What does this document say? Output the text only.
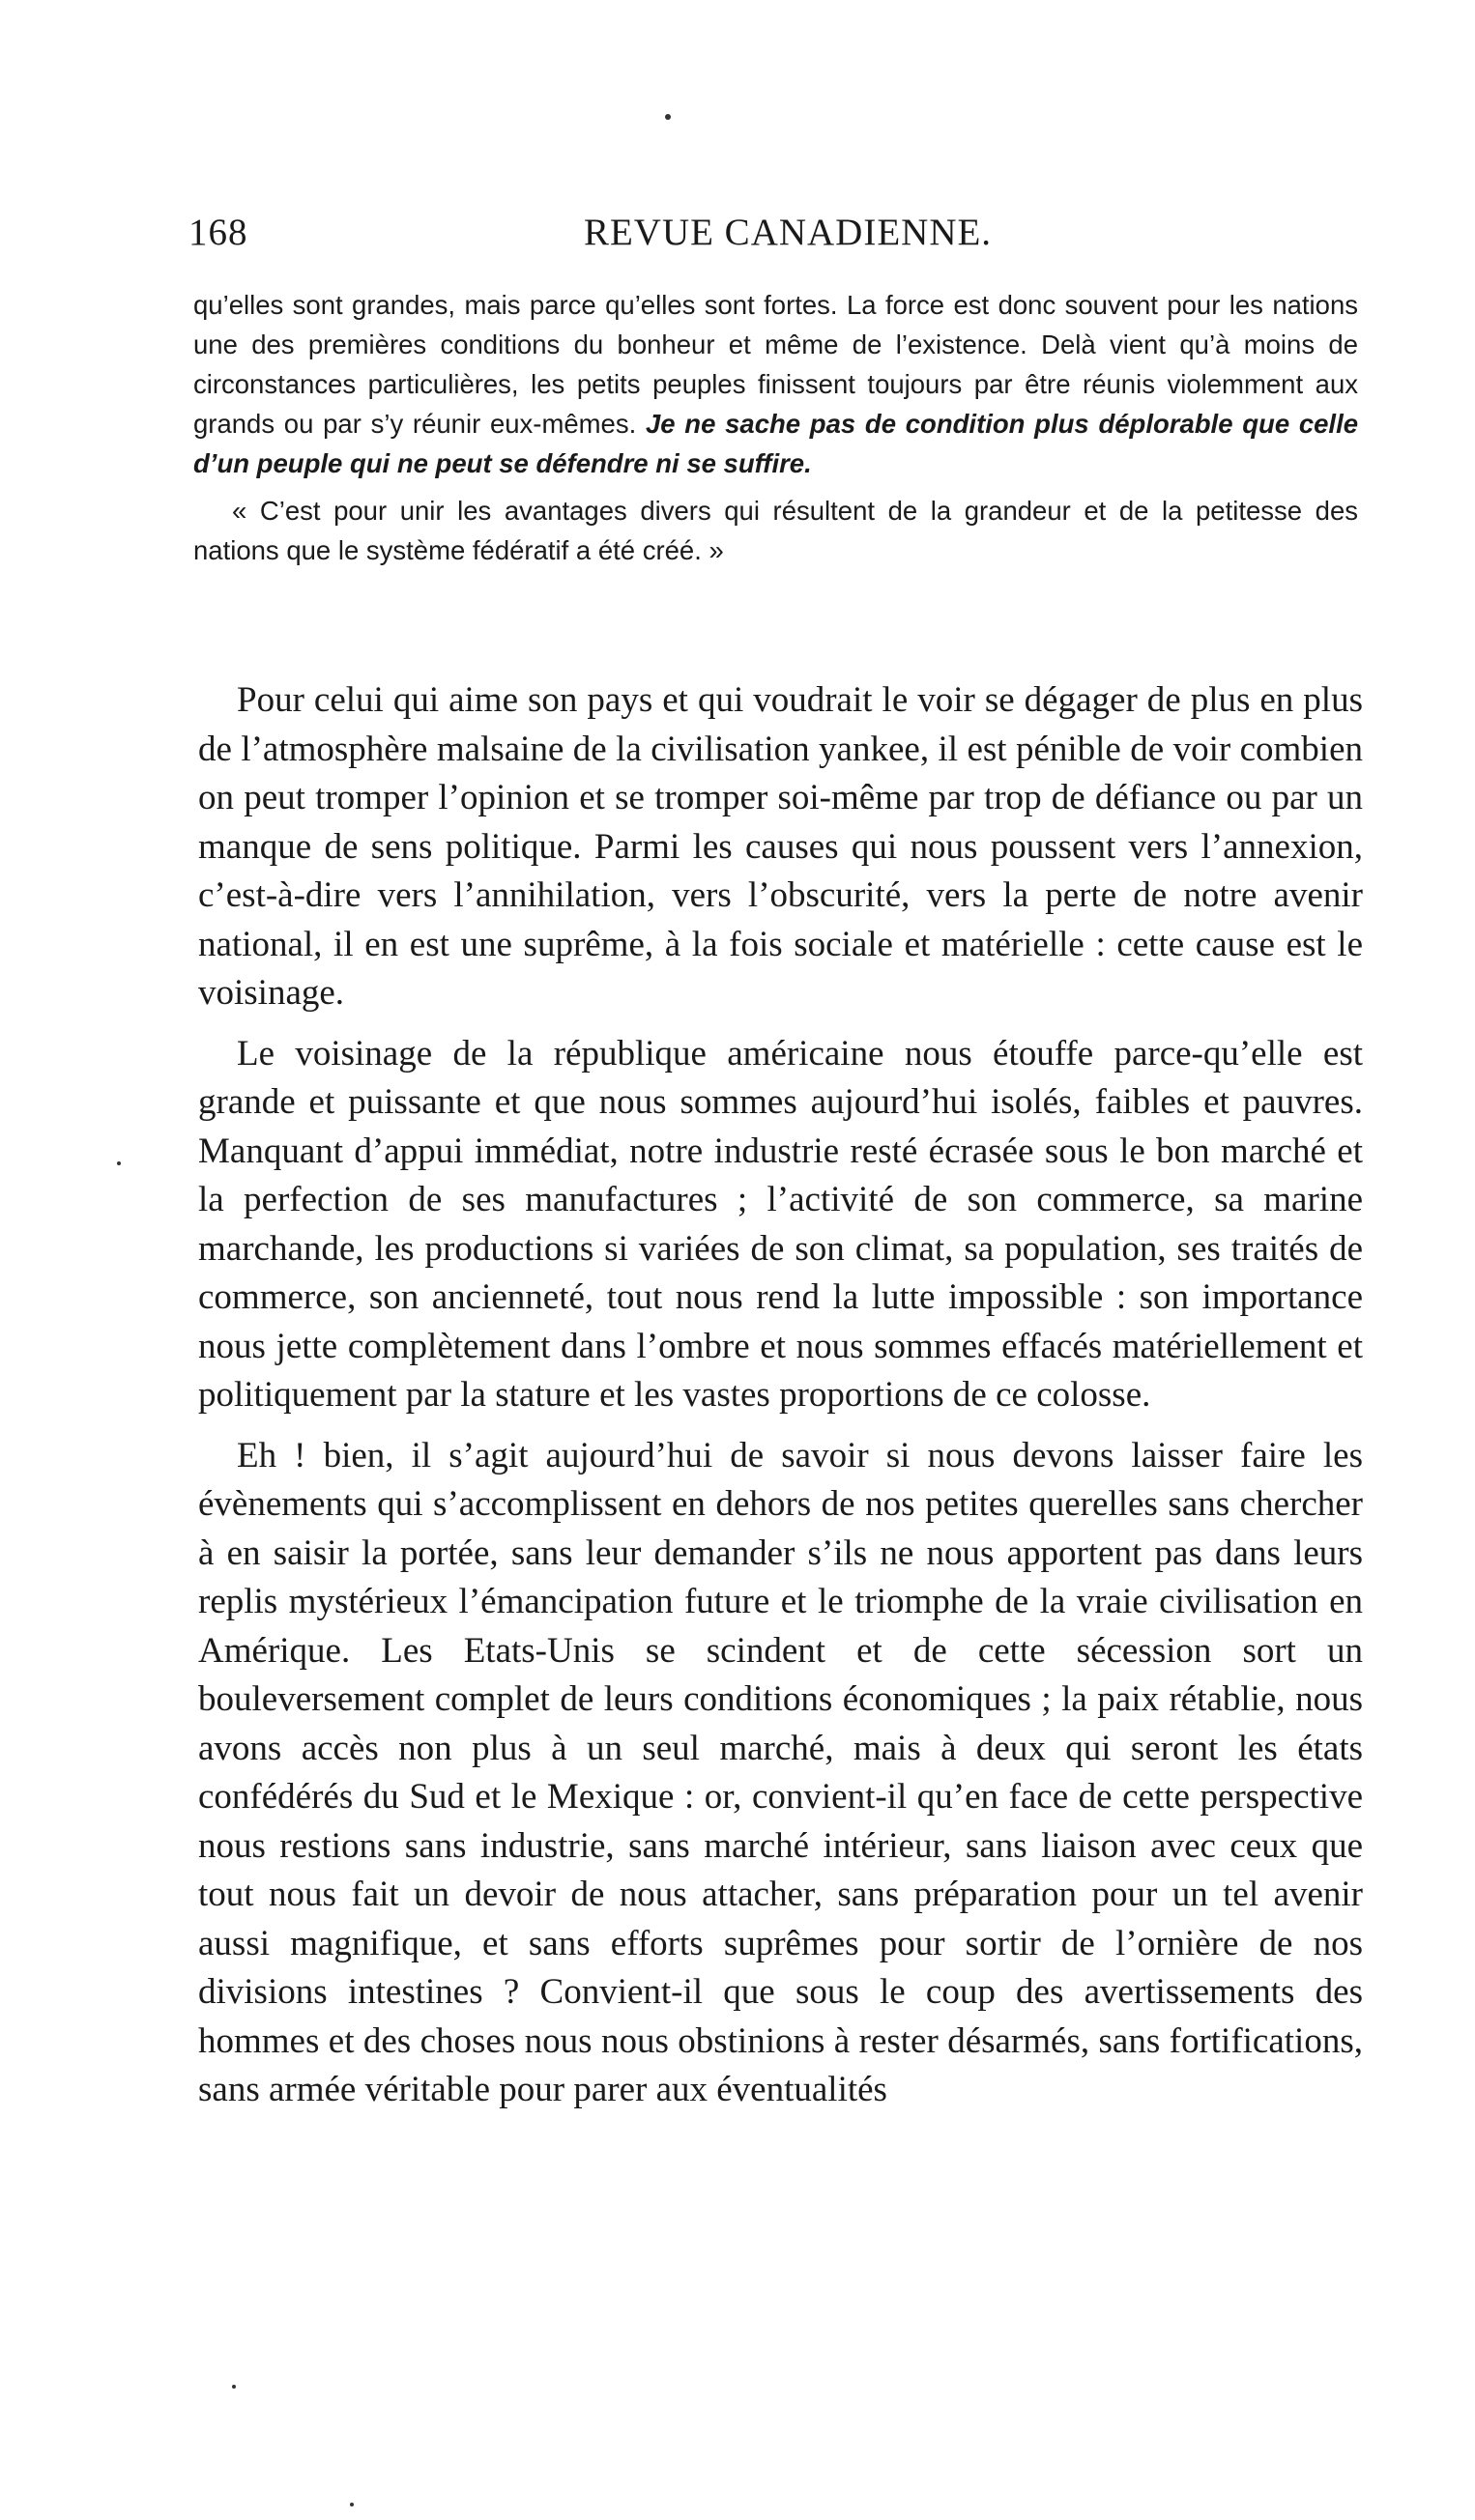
168	REVUE CANADIENNE.

qu’elles sont grandes, mais parce qu’elles sont fortes. La force est donc souvent pour les nations une des premières conditions du bonheur et même de l’existence. Delà vient qu’à moins de circonstances particulières, les petits peuples finissent toujours par être réunis violemment aux grands ou par s’y réunir eux-mêmes. Je ne sache pas de condition plus déplorable que celle d’un peuple qui ne peut se défendre ni se suffire.

« C’est pour unir les avantages divers qui résultent de la grandeur et de la petitesse des nations que le système fédératif a été créé. »

Pour celui qui aime son pays et qui voudrait le voir se dégager de plus en plus de l’atmosphère malsaine de la civilisation yankee, il est pénible de voir combien on peut tromper l’opinion et se tromper soi-même par trop de défiance ou par un manque de sens politique. Parmi les causes qui nous poussent vers l’annexion, c’est-à-dire vers l’annihilation, vers l’obscurité, vers la perte de notre avenir national, il en est une suprême, à la fois sociale et matérielle : cette cause est le voisinage.

Le voisinage de la république américaine nous étouffe parce-qu’elle est grande et puissante et que nous sommes aujourd’hui isolés, faibles et pauvres. Manquant d’appui immédiat, notre industrie resté écrasée sous le bon marché et la perfection de ses manufactures ; l’activité de son commerce, sa marine marchande, les productions si variées de son climat, sa population, ses traités de commerce, son ancienneté, tout nous rend la lutte impossible : son importance nous jette complètement dans l’ombre et nous sommes effacés matériellement et politiquement par la stature et les vastes proportions de ce colosse.

Eh ! bien, il s’agit aujourd’hui de savoir si nous devons laisser faire les évènements qui s’accomplissent en dehors de nos petites querelles sans chercher à en saisir la portée, sans leur demander s’ils ne nous apportent pas dans leurs replis mystérieux l’émancipation future et le triomphe de la vraie civilisation en Amérique. Les Etats-Unis se scindent et de cette sécession sort un bouleversement complet de leurs conditions économiques ; la paix rétablie, nous avons accès non plus à un seul marché, mais à deux qui seront les états confédérés du Sud et le Mexique : or, convient-il qu’en face de cette perspective nous restions sans industrie, sans marché intérieur, sans liaison avec ceux que tout nous fait un devoir de nous attacher, sans préparation pour un tel avenir aussi magnifique, et sans efforts suprêmes pour sortir de l’ornière de nos divisions intestines ? Convient-il que sous le coup des avertissements des hommes et des choses nous nous obstinions à rester désarmés, sans fortifications, sans armée véritable pour parer aux éventualités
